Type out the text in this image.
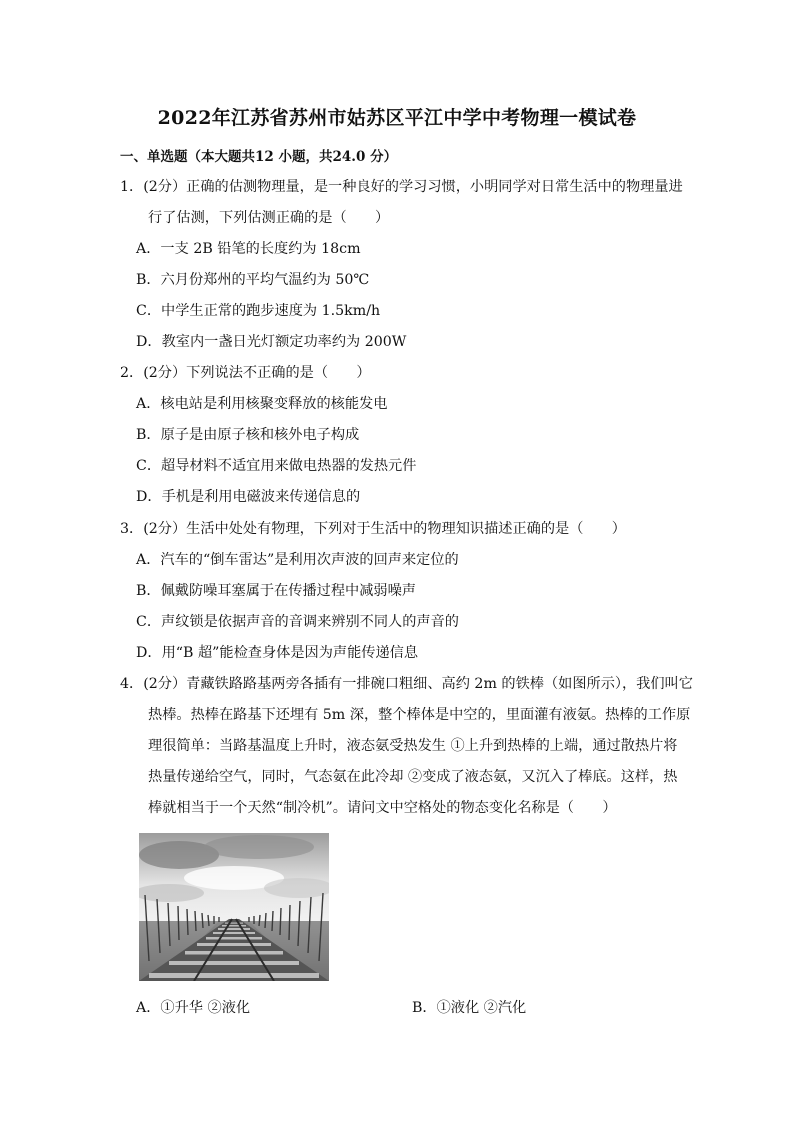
2022年江苏省苏州市姑苏区平江中学中考物理一模试卷
一、单选题（本大题共12 小题，共24.0 分）
1．(2分）正确的估测物理量，是一种良好的学习习惯，小明同学对日常生活中的物理量进
行了估测，下列估测正确的是（　　）
A．一支 2B 铅笔的长度约为 18cm
B．六月份郑州的平均气温约为 50℃
C．中学生正常的跑步速度为 1.5km/h
D．教室内一盏日光灯额定功率约为 200W
2．(2分）下列说法不正确的是（　　）
A．核电站是利用核聚变释放的核能发电
B．原子是由原子核和核外电子构成
C．超导材料不适宜用来做电热器的发热元件
D．手机是利用电磁波来传递信息的
3．(2分）生活中处处有物理，下列对于生活中的物理知识描述正确的是（　　）
A．汽车的“倒车雷达”是利用次声波的回声来定位的
B．佩戴防噪耳塞属于在传播过程中减弱噪声
C．声纹锁是依据声音的音调来辨别不同人的声音的
D．用“B 超”能检查身体是因为声能传递信息
4．(2分）青藏铁路路基两旁各插有一排碗口粗细、高约 2m 的铁棒（如图所示），我们叫它
热棒。热棒在路基下还埋有 5m 深，整个棒体是中空的，里面灌有液氨。热棒的工作原
理很简单：当路基温度上升时，液态氨受热发生 ①上升到热棒的上端，通过散热片将
热量传递给空气，同时，气态氨在此冷却 ②变成了液态氨，又沉入了棒底。这样，热
棒就相当于一个天然“制冷机”。请问文中空格处的物态变化名称是（　　）
A．①升华 ②液化	B．①液化 ②汽化
